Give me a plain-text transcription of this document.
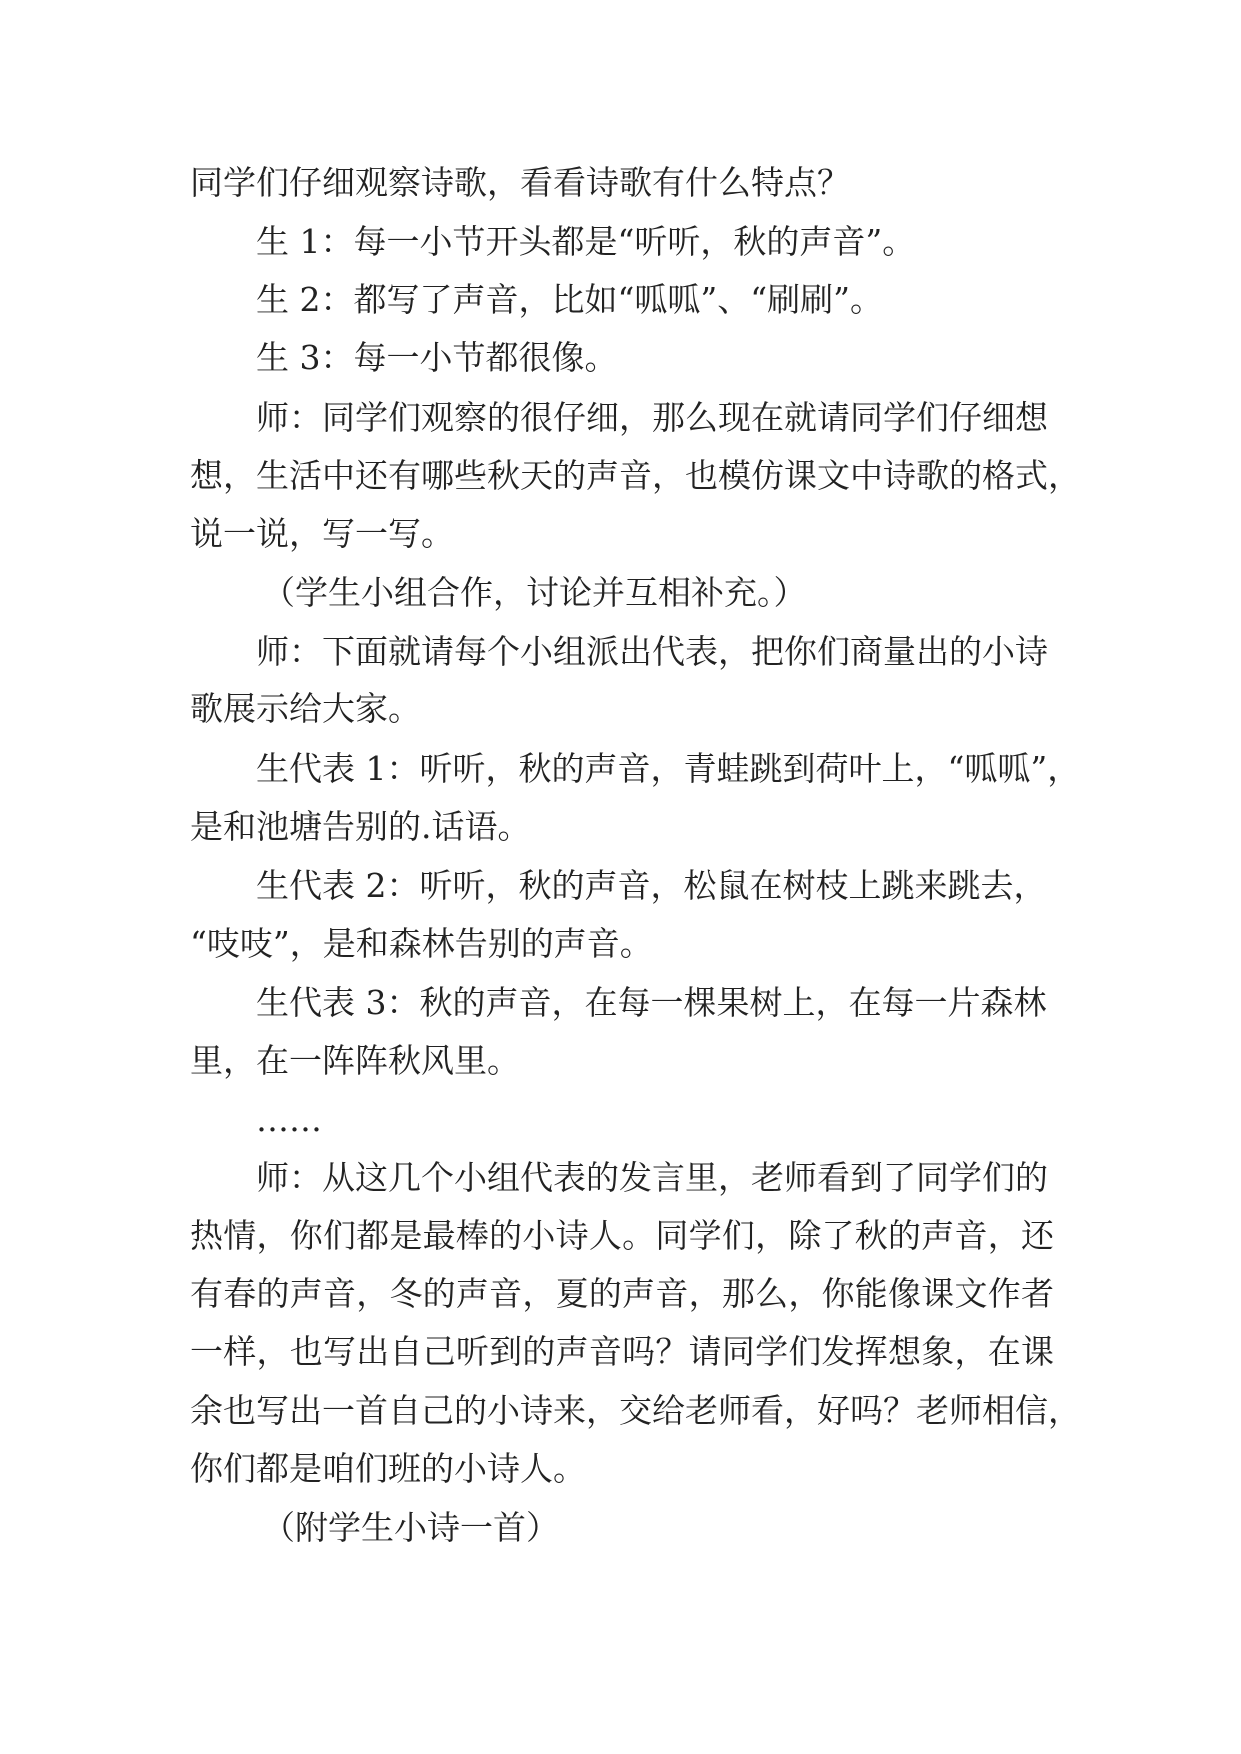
同学们仔细观察诗歌，看看诗歌有什么特点？
生 1：每一小节开头都是“听听，秋的声音”。
生 2：都写了声音，比如“呱呱”、“刷刷”。
生 3：每一小节都很像。
师：同学们观察的很仔细，那么现在就请同学们仔细想
想，生活中还有哪些秋天的声音，也模仿课文中诗歌的格式，
说一说，写一写。
（学生小组合作，讨论并互相补充。）
师：下面就请每个小组派出代表，把你们商量出的小诗
歌展示给大家。
生代表 1：听听，秋的声音，青蛙跳到荷叶上，“呱呱”，
是和池塘告别的.话语。
生代表 2：听听，秋的声音，松鼠在树枝上跳来跳去，
“吱吱”，是和森林告别的声音。
生代表 3：秋的声音，在每一棵果树上，在每一片森林
里，在一阵阵秋风里。
……
师：从这几个小组代表的发言里，老师看到了同学们的
热情，你们都是最棒的小诗人。同学们，除了秋的声音，还
有春的声音，冬的声音，夏的声音，那么，你能像课文作者
一样，也写出自己听到的声音吗？请同学们发挥想象，在课
余也写出一首自己的小诗来，交给老师看，好吗？老师相信，
你们都是咱们班的小诗人。
（附学生小诗一首）
